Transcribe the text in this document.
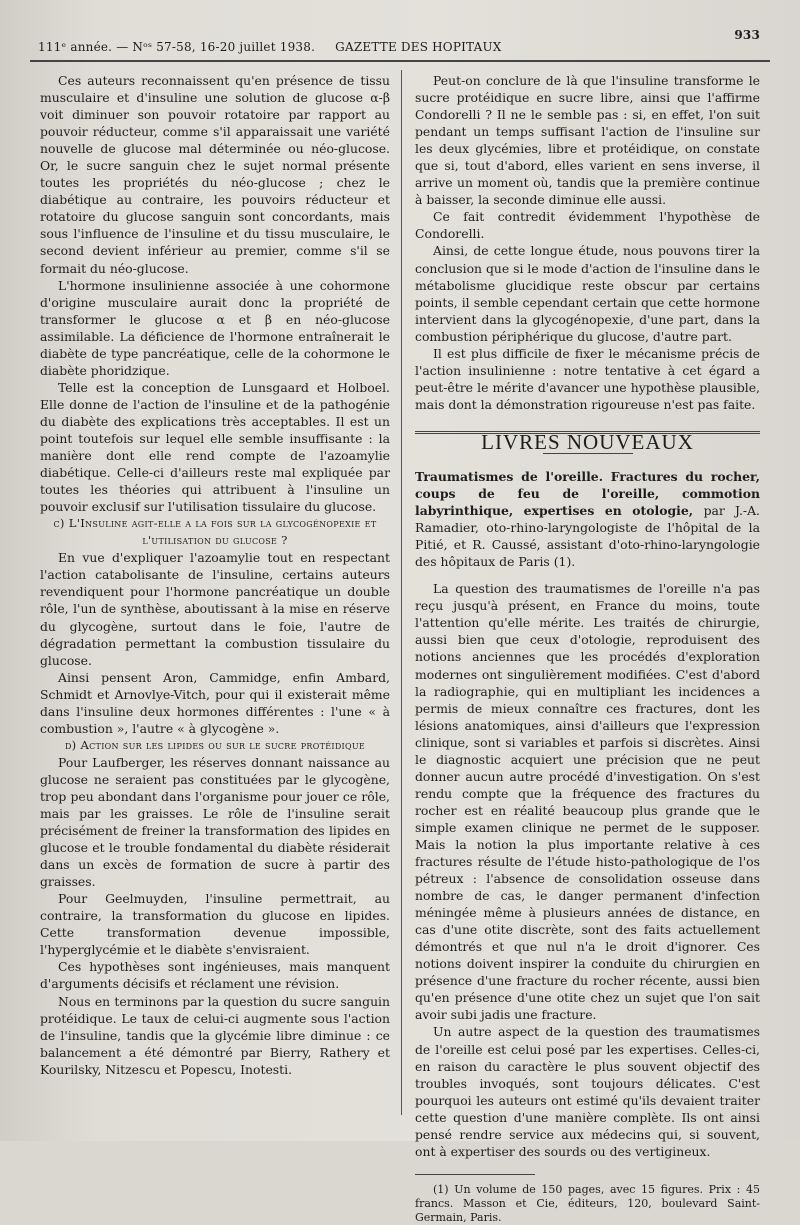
111ᵉ année. — Nᵒˢ 57-58, 16-20 juillet 1938. GAZETTE DES HOPITAUX
933

Ces auteurs reconnaissent qu'en présence de tissu musculaire et d'insuline une solution de glucose α-β voit diminuer son pouvoir rotatoire par rapport au pouvoir réducteur, comme s'il apparaissait une variété nouvelle de glucose mal déterminée ou néo-glucose. Or, le sucre sanguin chez le sujet normal présente toutes les propriétés du néo-glucose ; chez le diabétique au contraire, les pouvoirs réducteur et rotatoire du glucose sanguin sont concordants, mais sous l'influence de l'insuline et du tissu musculaire, le second devient inférieur au premier, comme s'il se formait du néo-glucose.

L'hormone insulinienne associée à une cohormone d'origine musculaire aurait donc la propriété de transformer le glucose α et β en néo-glucose assimilable. La déficience de l'hormone entraînerait le diabète de type pancréatique, celle de la cohormone le diabète phoridzique.

Telle est la conception de Lunsgaard et Holboel. Elle donne de l'action de l'insuline et de la pathogénie du diabète des explications très acceptables. Il est un point toutefois sur lequel elle semble insuffisante : la manière dont elle rend compte de l'azoamylie diabétique. Celle-ci d'ailleurs reste mal expliquée par toutes les théories qui attribuent à l'insuline un pouvoir exclusif sur l'utilisation tissulaire du glucose.

c) L'Insuline agit-elle a la fois sur la glycogénopexie et l'utilisation du glucose ?

En vue d'expliquer l'azoamylie tout en respectant l'action catabolisante de l'insuline, certains auteurs revendiquent pour l'hormone pancréatique un double rôle, l'un de synthèse, aboutissant à la mise en réserve du glycogène, surtout dans le foie, l'autre de dégradation permettant la combustion tissulaire du glucose.

Ainsi pensent Aron, Cammidge, enfin Ambard, Schmidt et Arnovlye-Vitch, pour qui il existerait même dans l'insuline deux hormones différentes : l'une « à combustion », l'autre « à glycogène ».

d) Action sur les lipides ou sur le sucre protéidique

Pour Laufberger, les réserves donnant naissance au glucose ne seraient pas constituées par le glycogène, trop peu abondant dans l'organisme pour jouer ce rôle, mais par les graisses. Le rôle de l'insuline serait précisément de freiner la transformation des lipides en glucose et le trouble fondamental du diabète résiderait dans un excès de formation de sucre à partir des graisses.

Pour Geelmuyden, l'insuline permettrait, au contraire, la transformation du glucose en lipides. Cette transformation devenue impossible, l'hyperglycémie et le diabète s'envisraient.

Ces hypothèses sont ingénieuses, mais manquent d'arguments décisifs et réclament une révision.

Nous en terminons par la question du sucre sanguin protéidique. Le taux de celui-ci augmente sous l'action de l'insuline, tandis que la glycémie libre diminue : ce balancement a été démontré par Bierry, Rathery et Kourilsky, Nitzescu et Popescu, Inotesti.

Peut-on conclure de là que l'insuline transforme le sucre protéidique en sucre libre, ainsi que l'affirme Condorelli ? Il ne le semble pas : si, en effet, l'on suit pendant un temps suffisant l'action de l'insuline sur les deux glycémies, libre et protéidique, on constate que si, tout d'abord, elles varient en sens inverse, il arrive un moment où, tandis que la première continue à baisser, la seconde diminue elle aussi.

Ce fait contredit évidemment l'hypothèse de Condorelli.

Ainsi, de cette longue étude, nous pouvons tirer la conclusion que si le mode d'action de l'insuline dans le métabolisme glucidique reste obscur par certains points, il semble cependant certain que cette hormone intervient dans la glycogénopexie, d'une part, dans la combustion périphérique du glucose, d'autre part.

Il est plus difficile de fixer le mécanisme précis de l'action insulinienne : notre tentative à cet égard a peut-être le mérite d'avancer une hypothèse plausible, mais dont la démonstration rigoureuse n'est pas faite.

LIVRES NOUVEAUX

Traumatismes de l'oreille. Fractures du rocher, coups de feu de l'oreille, commotion labyrinthique, expertises en otologie, par J.-A. Ramadier, oto-rhino-laryngologiste de l'hôpital de la Pitié, et R. Caussé, assistant d'oto-rhino-laryngologie des hôpitaux de Paris (1).

La question des traumatismes de l'oreille n'a pas reçu jusqu'à présent, en France du moins, toute l'attention qu'elle mérite. Les traités de chirurgie, aussi bien que ceux d'otologie, reproduisent des notions anciennes que les procédés d'exploration modernes ont singulièrement modifiées. C'est d'abord la radiographie, qui en multipliant les incidences a permis de mieux connaître ces fractures, dont les lésions anatomiques, ainsi d'ailleurs que l'expression clinique, sont si variables et parfois si discrètes. Ainsi le diagnostic acquiert une précision que ne peut donner aucun autre procédé d'investigation. On s'est rendu compte que la fréquence des fractures du rocher est en réalité beaucoup plus grande que le simple examen clinique ne permet de le supposer. Mais la notion la plus importante relative à ces fractures résulte de l'étude histo-pathologique de l'os pétreux : l'absence de consolidation osseuse dans nombre de cas, le danger permanent d'infection méningée même à plusieurs années de distance, en cas d'une otite discrète, sont des faits actuellement démontrés et que nul n'a le droit d'ignorer. Ces notions doivent inspirer la conduite du chirurgien en présence d'une fracture du rocher récente, aussi bien qu'en présence d'une otite chez un sujet que l'on sait avoir subi jadis une fracture.

Un autre aspect de la question des traumatismes de l'oreille est celui posé par les expertises. Celles-ci, en raison du caractère le plus souvent objectif des troubles invoqués, sont toujours délicates. C'est pourquoi les auteurs ont estimé qu'ils devaient traiter cette question d'une manière complète. Ils ont ainsi pensé rendre service aux médecins qui, si souvent, ont à expertiser des sourds ou des vertigineux.

(1) Un volume de 150 pages, avec 15 figures. Prix : 45 francs. Masson et Cie, éditeurs, 120, boulevard Saint-Germain, Paris.
